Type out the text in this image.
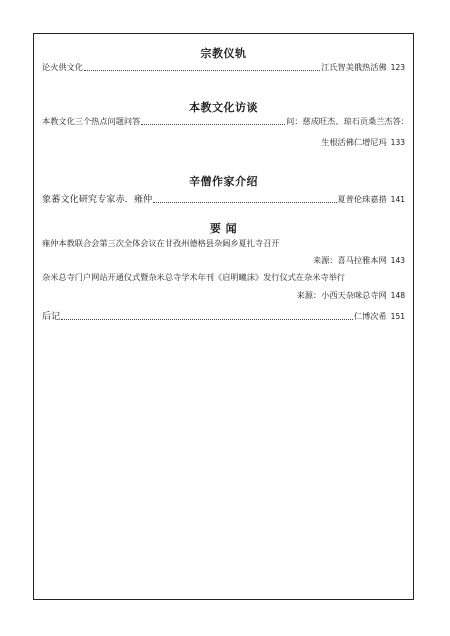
宗教仪轨
论火供文化	江氏智美俄热活佛 123
本教文化访谈
本教文化三个热点问题问答	问：慈成旺杰、琼石贡桑兰杰答：
生根活佛仁增尼玛 133
辛僧作家介绍
象蕃文化研究专家赤．雍仲	夏普伦珠嘉措 141
要 闻
雍仲本教联合会第三次全体会议在甘孜州德格县杂阔乡夏扎寺召开
来源：喜马拉雅本网 143
杂米总寺门户网站开通仪式暨杂米总寺学术年刊《启明曦沫》发行仪式在杂米寺举行
来源：小西天杂咪总寺网 148
后记	仁博次希 151
